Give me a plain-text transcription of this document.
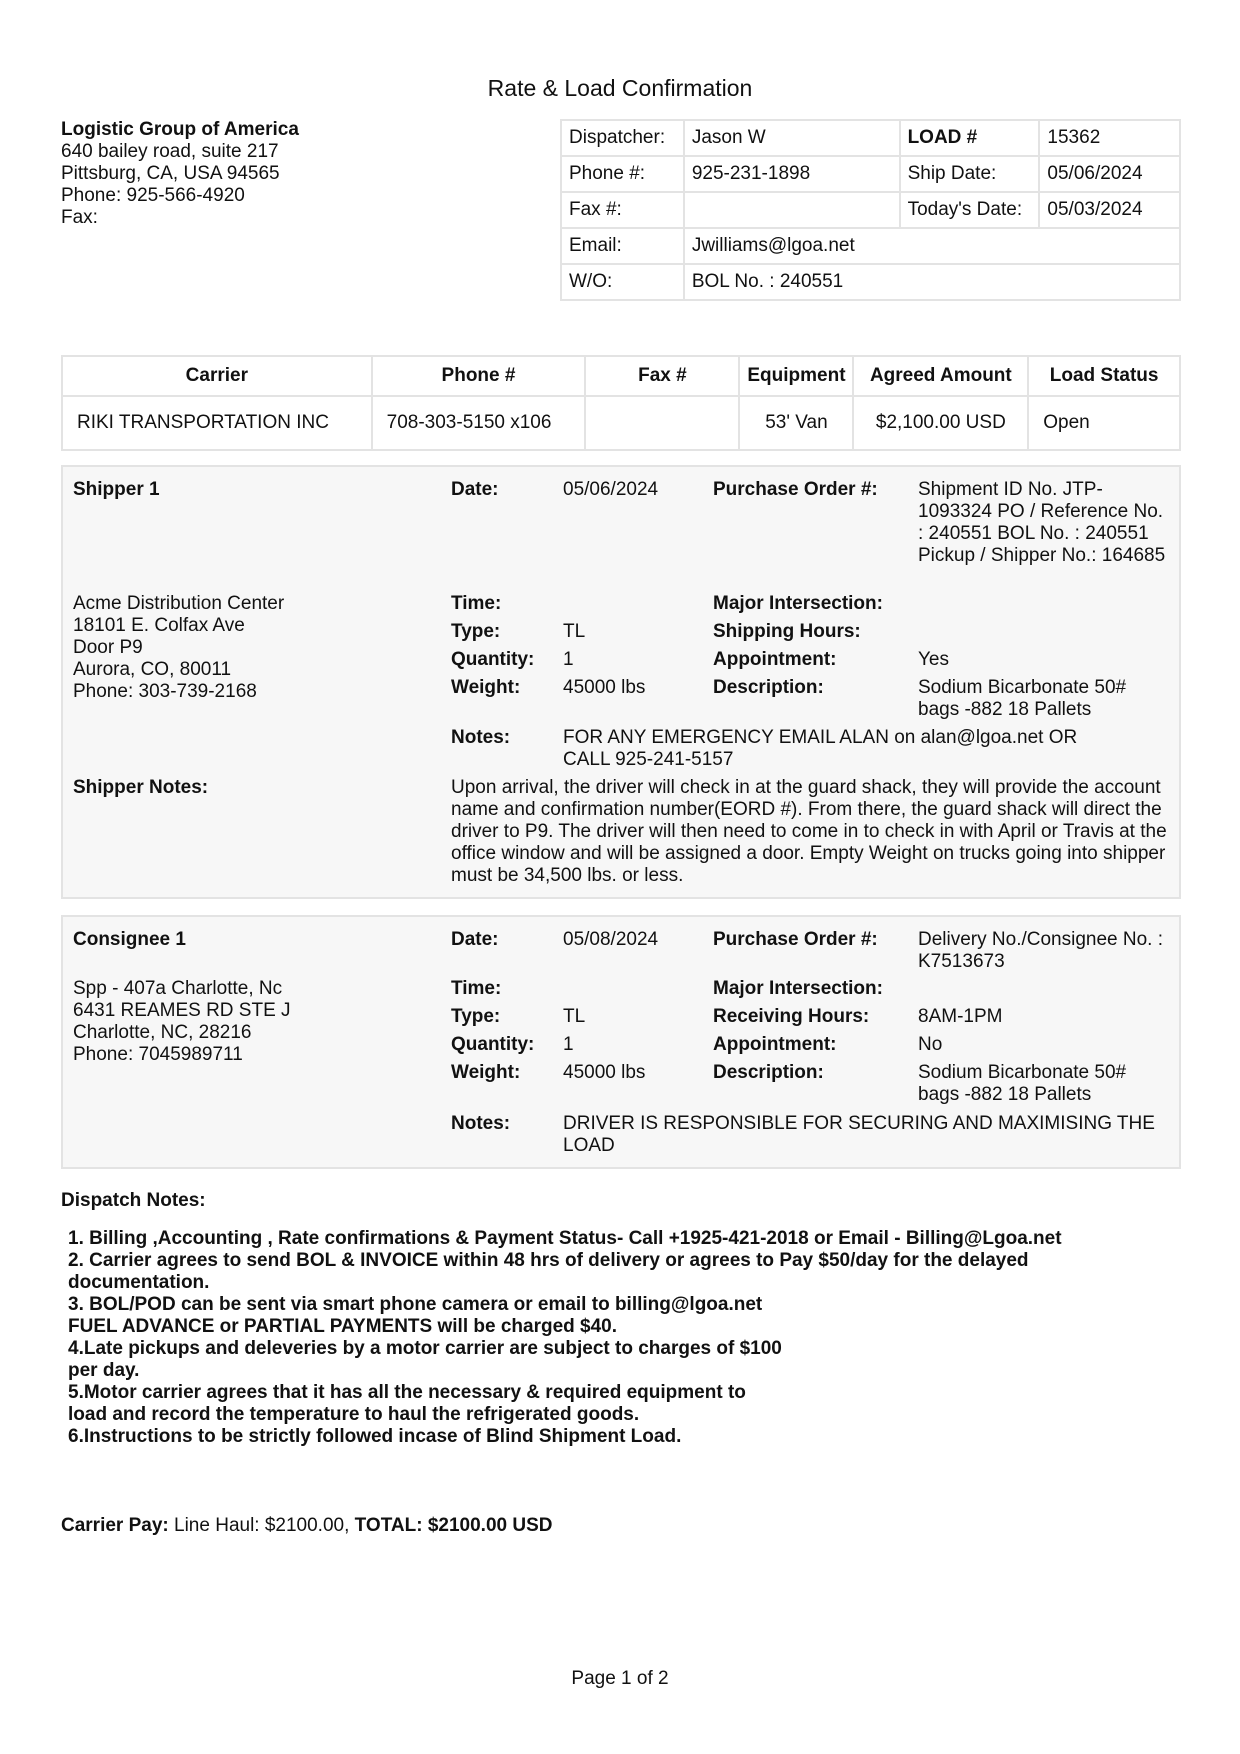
Rate & Load Confirmation
Logistic Group of America
640 bailey road, suite 217
Pittsburg, CA, USA 94565
Phone: 925-566-4920
Fax:
Dispatcher:	Jason W	LOAD #	15362
Phone #:	925-231-1898	Ship Date:	05/06/2024
Fax #:		Today's Date:	05/03/2024
Email:	Jwilliams@lgoa.net		
W/O:	BOL No. : 240551		
Carrier	Phone #	Fax #	Equipment	Agreed Amount	Load Status
RIKI TRANSPORTATION INC	708-303-5150 x106		53' Van	$2,100.00 USD	Open
Shipper 1	Date:	05/06/2024	Purchase Order #: Shipment ID No. JTP-1093324 PO / Reference No. : 240551 BOL No. : 240551 Pickup / Shipper No.: 164685
Acme Distribution Center
18101 E. Colfax Ave
Door P9
Aurora, CO, 80011
Phone: 303-739-2168
Time:
Type:	TL
Quantity: 1
Weight: 45000 lbs
Major Intersection:
Shipping Hours:
Appointment:	Yes
Description:	Sodium Bicarbonate 50# bags -882 18 Pallets
Notes:	FOR ANY EMERGENCY EMAIL ALAN on alan@lgoa.net OR CALL 925-241-5157
Shipper Notes:	Upon arrival, the driver will check in at the guard shack, they will provide the account name and confirmation number(EORD #). From there, the guard shack will direct the driver to P9. The driver will then need to come in to check in with April or Travis at the office window and will be assigned a door. Empty Weight on trucks going into shipper must be 34,500 lbs. or less.
Consignee 1	Date:	05/08/2024	Purchase Order #: Delivery No./Consignee No. : K7513673
Spp - 407a Charlotte, Nc
6431 REAMES RD STE J
Charlotte, NC, 28216
Phone: 7045989711
Time:
Type:	TL
Quantity: 1
Weight: 45000 lbs
Major Intersection:
Receiving Hours:	8AM-1PM
Appointment:	No
Description:	Sodium Bicarbonate 50# bags -882 18 Pallets
Notes:	DRIVER IS RESPONSIBLE FOR SECURING AND MAXIMISING THE LOAD
Dispatch Notes:
1. Billing ,Accounting , Rate confirmations & Payment Status- Call +1925-421-2018 or Email - Billing@Lgoa.net
2. Carrier agrees to send BOL & INVOICE within 48 hrs of delivery or agrees to Pay $50/day for the delayed
documentation.
3. BOL/POD can be sent via smart phone camera or email to billing@lgoa.net
FUEL ADVANCE or PARTIAL PAYMENTS will be charged $40.
4.Late pickups and deleveries by a motor carrier are subject to charges of $100
per day.
5.Motor carrier agrees that it has all the necessary & required equipment to
load and record the temperature to haul the refrigerated goods.
6.Instructions to be strictly followed incase of Blind Shipment Load.
Carrier Pay: Line Haul: $2100.00, TOTAL: $2100.00 USD
Page 1 of 2
